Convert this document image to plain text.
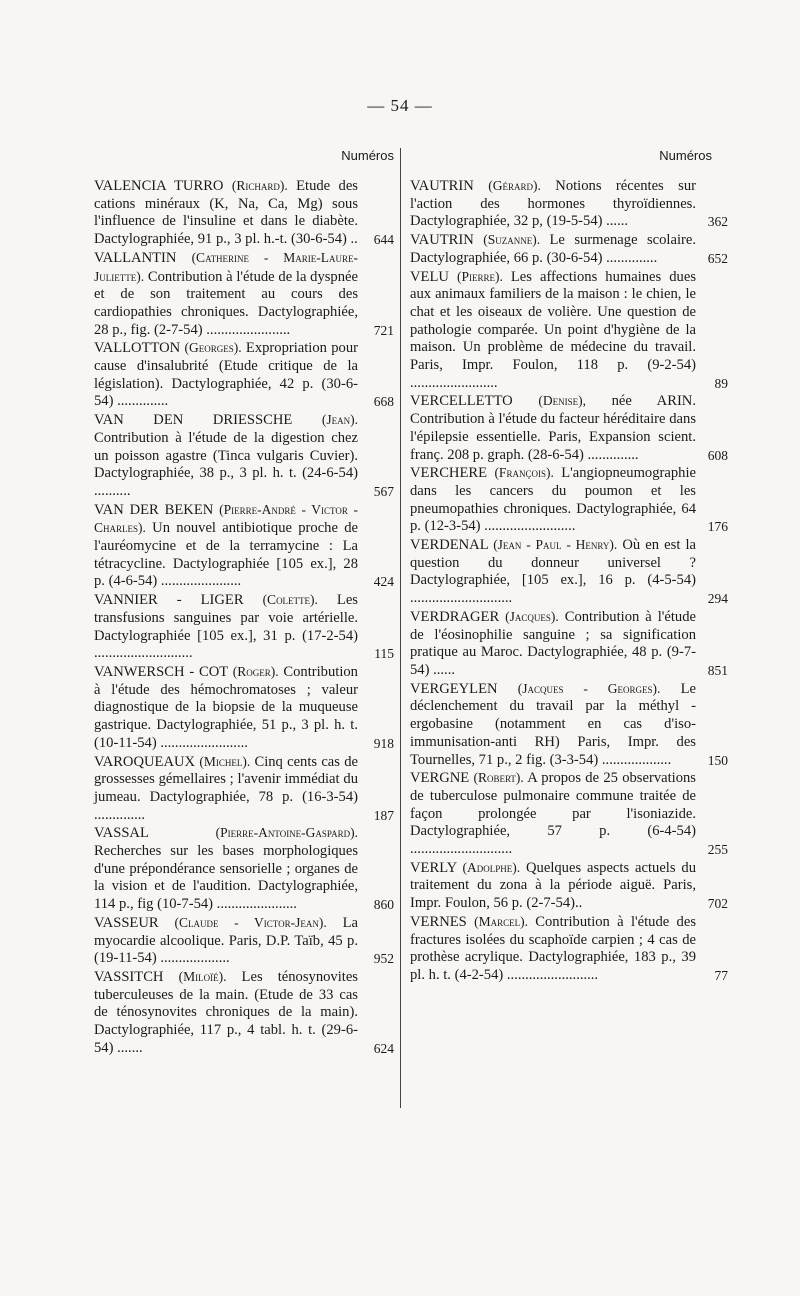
— 54 —
Numéros
VALENCIA TURRO (Richard). Etude des cations minéraux (K, Na, Ca, Mg) sous l'influence de l'insuline et dans le diabète. Dactylographiée, 91 p., 3 pl. h.-t. (30-6-54) .. 644
VALLANTIN (Catherine - Marie-Laure-Juliette). Contribution à l'étude de la dyspnée et de son traitement au cours des cardiopathies chroniques. Dactylographiée, 28 p., fig. (2-7-54) .......................	721
VALLOTTON (Georges). Expropriation pour cause d'insalubrité (Etude critique de la législation). Dactylographiée, 42 p. (30-6-54) ..............	668
VAN DEN DRIESSCHE (Jean). Contribution à l'étude de la digestion chez un poisson agastre (Tinca vulgaris Cuvier). Dactylographiée, 38 p., 3 pl. h. t. (24-6-54) ..........	567
VAN DER BEKEN (Pierre-André - Victor - Charles). Un nouvel antibiotique proche de l'auréomycine et de la terramycine : La tétracycline. Dactylographiée [105 ex.], 28 p. (4-6-54) ......................	424
VANNIER - LIGER (Colette). Les transfusions sanguines par voie artérielle. Dactylographiée [105 ex.], 31 p. (17-2-54) ...........................	115
VANWERSCH - COT (Roger). Contribution à l'étude des hémochromatoses ; valeur diagnostique de la biopsie de la muqueuse gastrique. Dactylographiée, 51 p., 3 pl. h. t. (10-11-54) ........................	918
VAROQUEAUX (Michel). Cinq cents cas de grossesses gémellaires ; l'avenir immédiat du jumeau. Dactylographiée, 78 p. (16-3-54) ..............	187
VASSAL	(Pierre-Antoine-Gaspard). Recherches sur les bases morphologiques d'une prépondérance sensorielle ; organes de la vision et de l'audition. Dactylographiée, 114 p., fig (10-7-54) ......................	860
VASSEUR (Claude - Victor-Jean). La myocardie alcoolique. Paris, D.P. Taïb, 45 p. (19-11-54) ...................	952
VASSITCH (Miloïé). Les ténosynovites tuberculeuses de la main. (Etude de 33 cas de ténosynovites chroniques de la main). Dactylographiée, 117 p., 4 tabl. h. t. (29-6-54) .......	624
Numéros
VAUTRIN (Gérard). Notions récentes sur l'action des hormones thyroïdiennes. Dactylographiée, 32 p, (19-5-54) ......	362
VAUTRIN (Suzanne). Le surmenage scolaire. Dactylographiée, 66 p. (30-6-54) ..............	652
VELU (Pierre). Les affections humaines dues aux animaux familiers de la maison : le chien, le chat et les oiseaux de volière. Une question de pathologie comparée. Un point d'hygiène de la maison. Un problème de médecine du travail. Paris, Impr. Foulon, 118 p. (9-2-54) ........................	89
VERCELLETTO (Denise), née ARIN. Contribution à l'étude du facteur héréditaire dans l'épilepsie essentielle. Paris, Expansion scient. franç. 208 p. graph. (28-6-54) ..............	608
VERCHERE (François). L'angiopneumographie dans les cancers du poumon et les pneumopathies chroniques. Dactylographiée, 64 p. (12-3-54) .........................	176
VERDENAL (Jean - Paul - Henry). Où en est la question du donneur universel ? Dactylographiée, [105 ex.], 16 p. (4-5-54) ............................	294
VERDRAGER (Jacques). Contribution à l'étude de l'éosinophilie sanguine ; sa signification pratique au Maroc. Dactylographiée, 48 p. (9-7-54) ......	851
VERGEYLEN (Jacques - Georges). Le déclenchement du travail par la méthyl - ergobasine (notamment en cas d'iso-immunisation-anti RH) Paris, Impr. des Tournelles, 71 p., 2 fig. (3-3-54) ...................	150
VERGNE (Robert). A propos de 25 observations de tuberculose pulmonaire commune traitée de façon prolongée par l'isoniazide. Dactylographiée, 57 p. (6-4-54) ............................	255
VERLY (Adolphe). Quelques aspects actuels du traitement du zona à la période aiguë. Paris, Impr. Foulon, 56 p. (2-7-54)..	702
VERNES (Marcel). Contribution à l'étude des fractures isolées du scaphoïde carpien ; 4 cas de prothèse acrylique. Dactylographiée, 183 p., 39 pl. h. t. (4-2-54) .........................	77
